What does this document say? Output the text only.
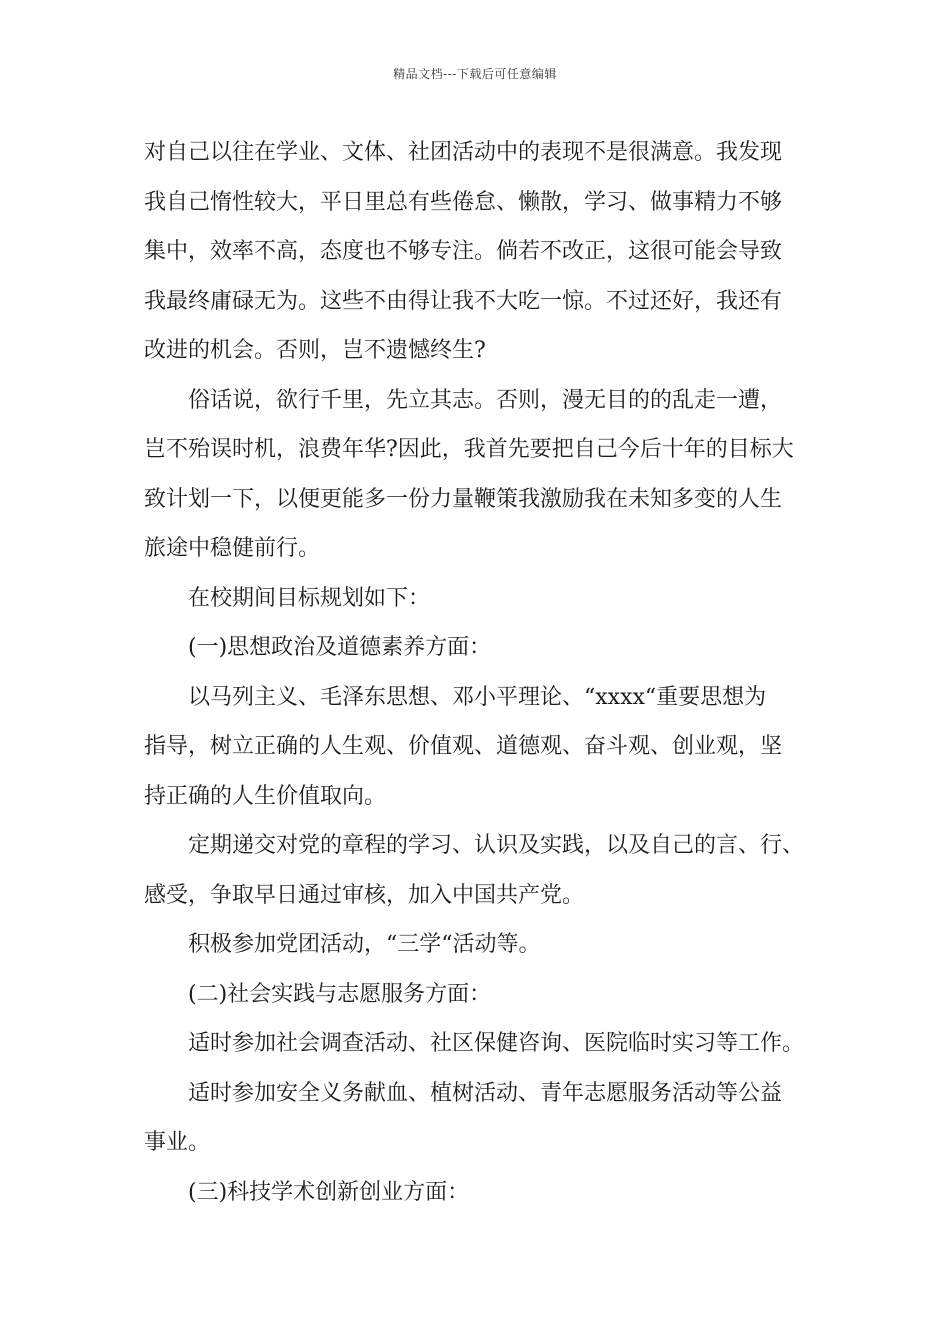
精品文档---下载后可任意编辑

对自己以往在学业、文体、社团活动中的表现不是很满意。我发现

我自己惰性较大，平日里总有些倦怠、懒散，学习、做事精力不够

集中，效率不高，态度也不够专注。倘若不改正，这很可能会导致

我最终庸碌无为。这些不由得让我不大吃一惊。不过还好，我还有

改进的机会。否则，岂不遗憾终生?

俗话说，欲行千里，先立其志。否则，漫无目的的乱走一遭，

岂不殆误时机，浪费年华?因此，我首先要把自己今后十年的目标大

致计划一下，以便更能多一份力量鞭策我激励我在未知多变的人生

旅途中稳健前行。

在校期间目标规划如下：

(一)思想政治及道德素养方面：

以马列主义、毛泽东思想、邓小平理论、“xxxx“重要思想为

指导，树立正确的人生观、价值观、道德观、奋斗观、创业观，坚

持正确的人生价值取向。

定期递交对党的章程的学习、认识及实践，以及自己的言、行、

感受，争取早日通过审核，加入中国共产党。

积极参加党团活动，“三学“活动等。

(二)社会实践与志愿服务方面：

适时参加社会调查活动、社区保健咨询、医院临时实习等工作。

适时参加安全义务献血、植树活动、青年志愿服务活动等公益

事业。

(三)科技学术创新创业方面：
